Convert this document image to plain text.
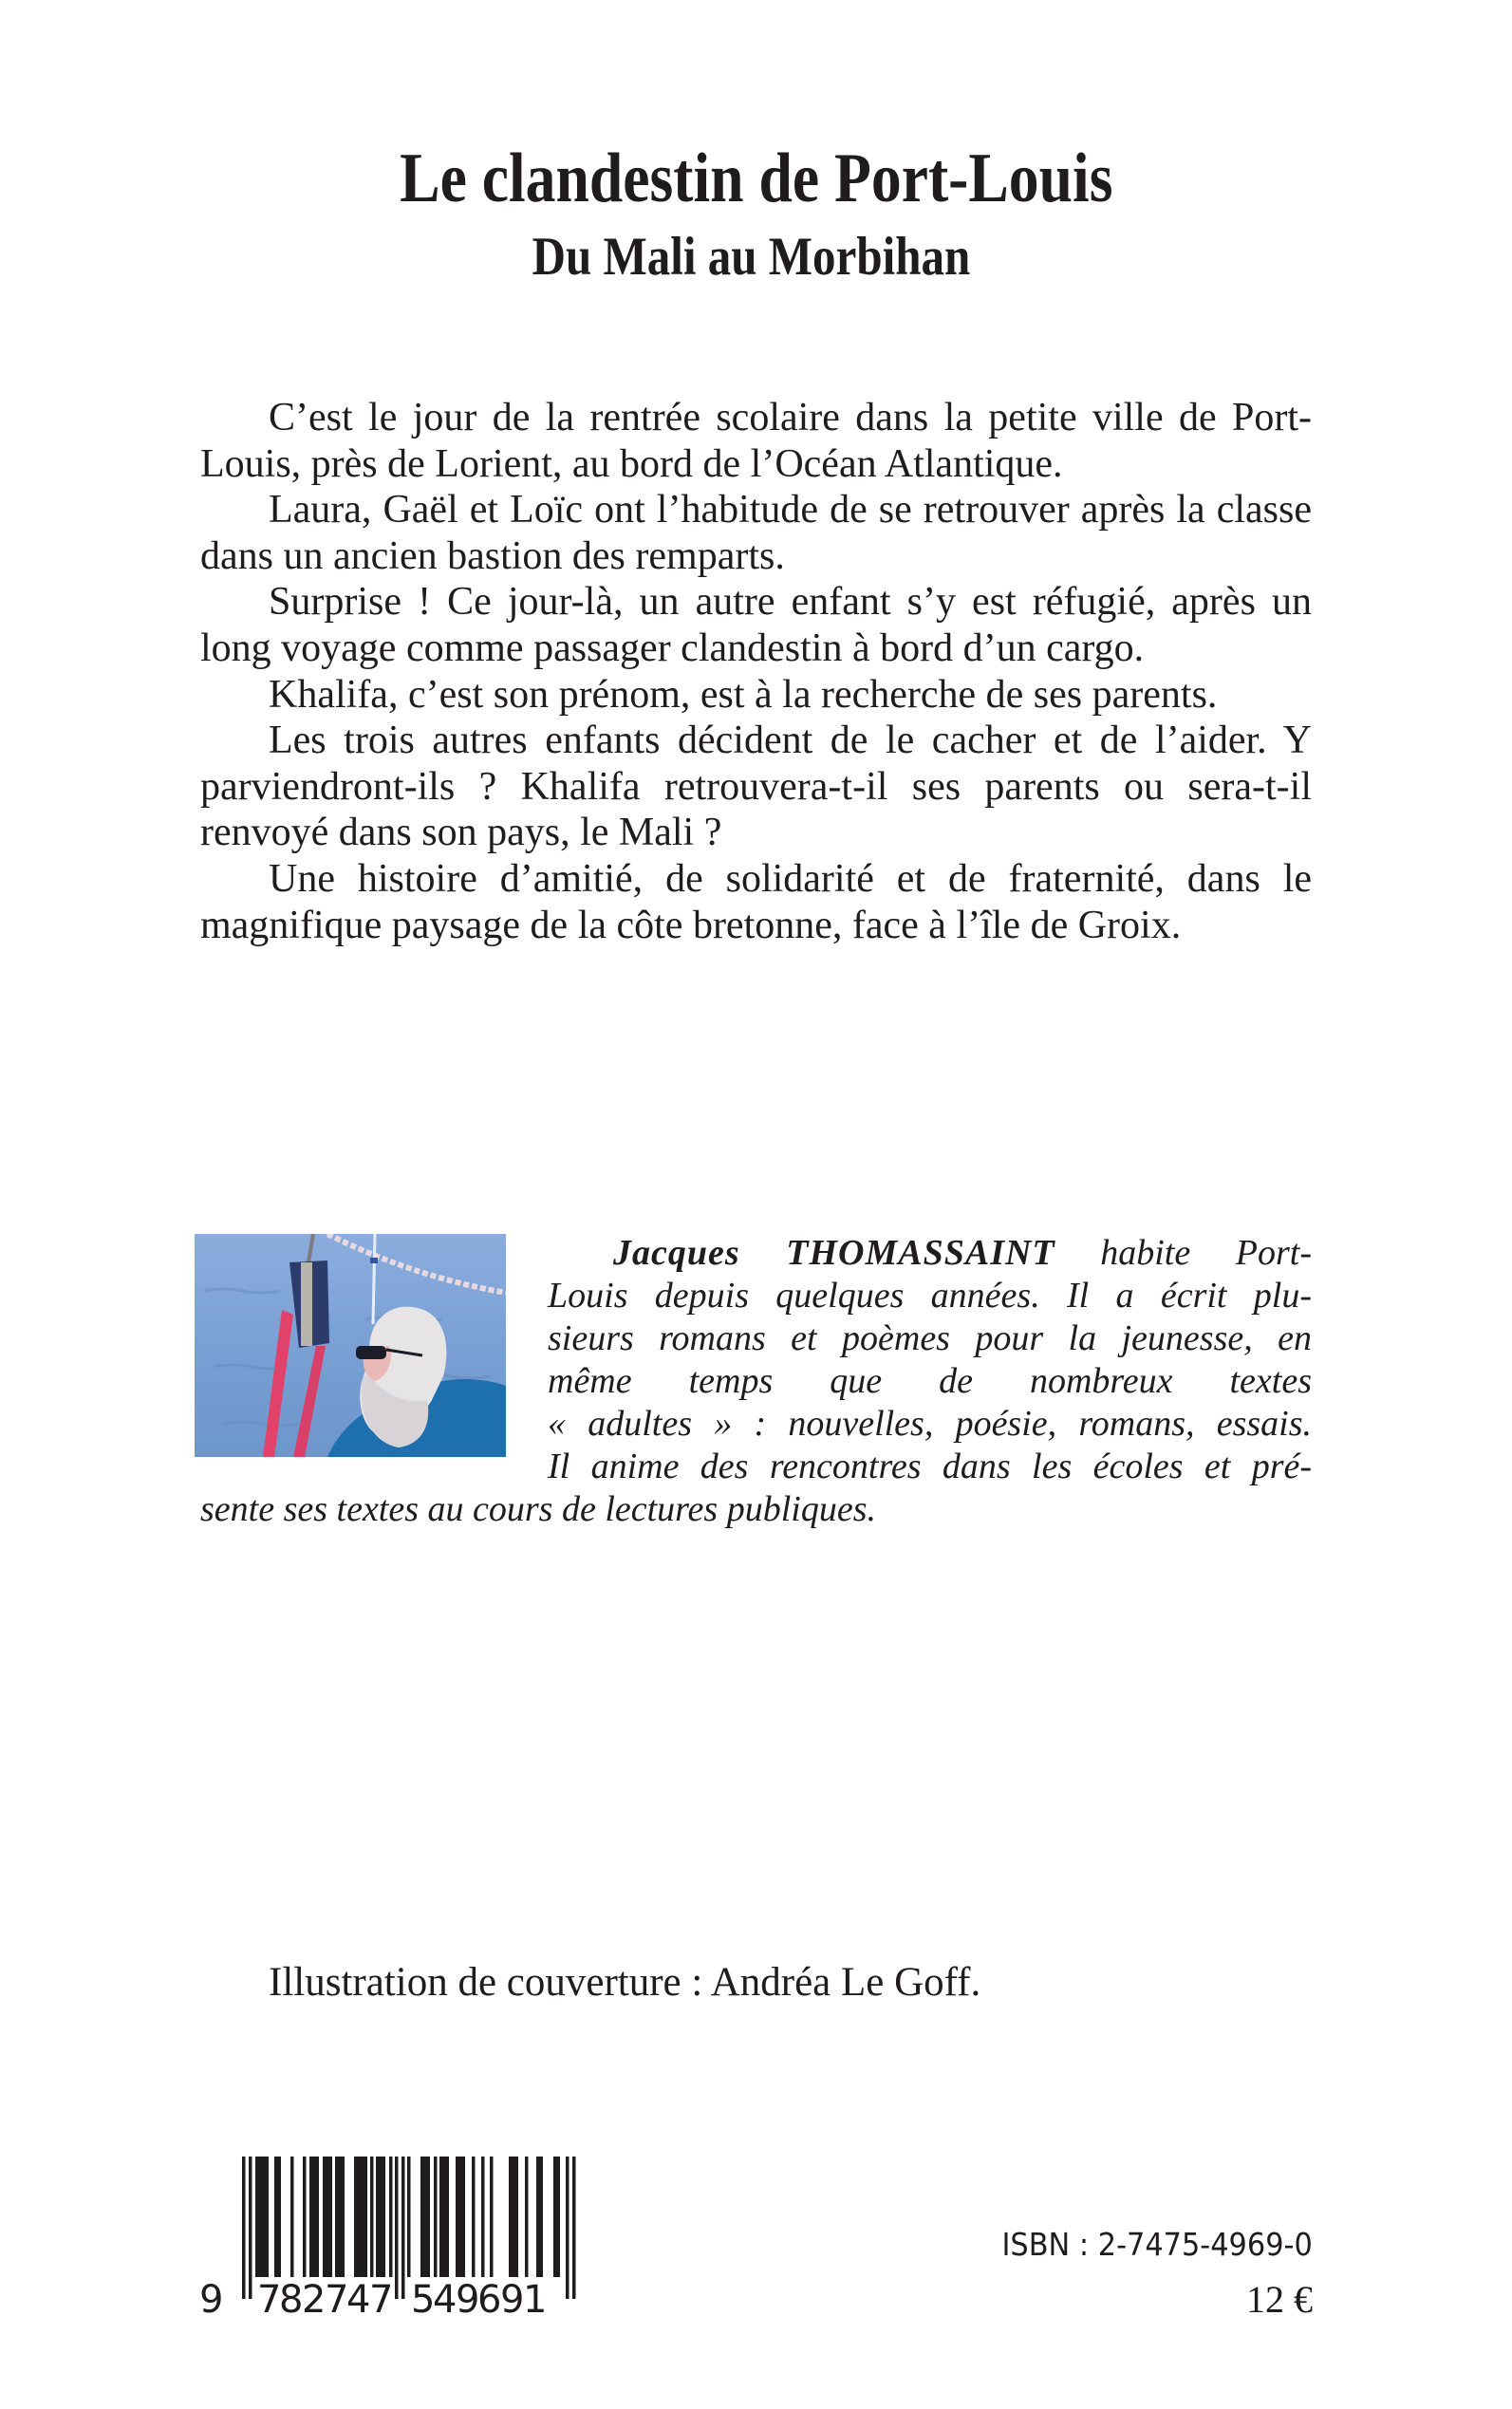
Le clandestin de Port-Louis
Du Mali au Morbihan

C’est le jour de la rentrée scolaire dans la petite ville de Port-Louis, près de Lorient, au bord de l’Océan Atlantique.

Laura, Gaël et Loïc ont l’habitude de se retrouver après la classe dans un ancien bastion des remparts.

Surprise ! Ce jour-là, un autre enfant s’y est réfugié, après un long voyage comme passager clandestin à bord d’un cargo.

Khalifa, c’est son prénom, est à la recherche de ses parents.

Les trois autres enfants décident de le cacher et de l’aider. Y parviendront-ils ? Khalifa retrouvera-t-il ses parents ou sera-t-il renvoyé dans son pays, le Mali ?

Une histoire d’amitié, de solidarité et de fraternité, dans le magnifique paysage de la côte bretonne, face à l’île de Groix.

Jacques THOMASSAINT habite Port-
Louis depuis quelques années. Il a écrit plu-
sieurs romans et poèmes pour la jeunesse, en
même temps que de nombreux textes
« adultes » : nouvelles, poésie, romans, essais.
Il anime des rencontres dans les écoles et pré-
sente ses textes au cours de lectures publiques.
Illustration de couverture : Andréa Le Goff.
9 7
8
2
7
4
7 5
4
9
6
9
1
ISBN : 2-7475-4969-0
12 €
